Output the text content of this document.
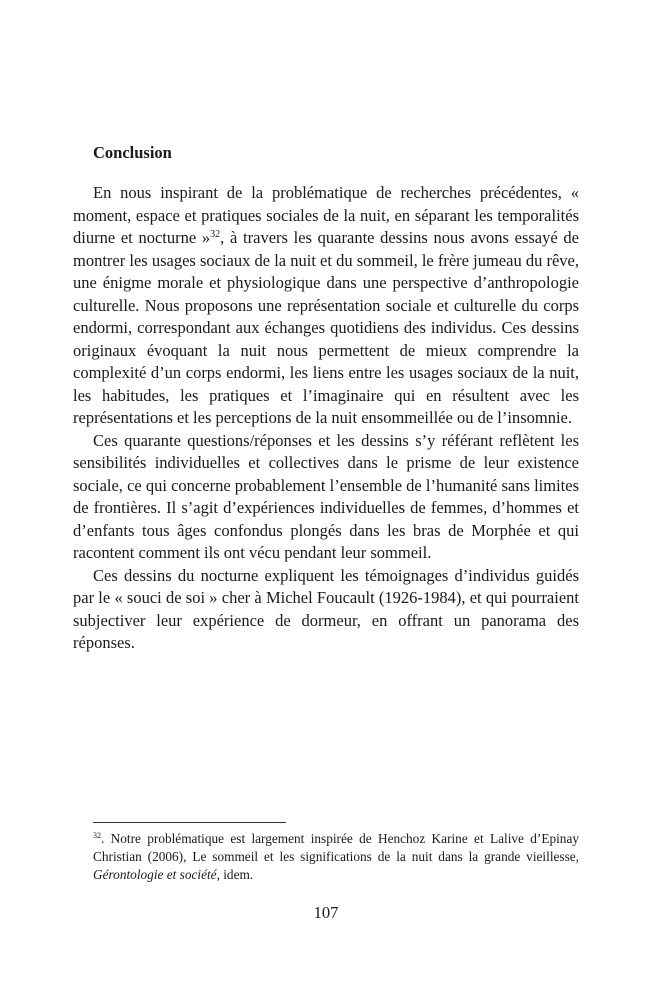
Conclusion

En nous inspirant de la problématique de recherches précédentes, « moment, espace et pratiques sociales de la nuit, en séparant les temporalités diurne et nocturne »$^{32}$, à travers les quarante dessins nous avons essayé de montrer les usages sociaux de la nuit et du sommeil, le frère jumeau du rêve, une énigme morale et physiologique dans une perspective d’anthropologie culturelle. Nous proposons une représentation sociale et culturelle du corps endormi, correspondant aux échanges quotidiens des individus. Ces dessins originaux évoquant la nuit nous permettent de mieux comprendre la complexité d’un corps endormi, les liens entre les usages sociaux de la nuit, les habitudes, les pratiques et l’imaginaire qui en résultent avec les représentations et les perceptions de la nuit ensommeillée ou de l’insomnie.

Ces quarante questions/réponses et les dessins s’y référant reflètent les sensibilités individuelles et collectives dans le prisme de leur existence sociale, ce qui concerne probablement l’ensemble de l’humanité sans limites de frontières. Il s’agit d’expériences individuelles de femmes, d’hommes et d’enfants tous âges confondus plongés dans les bras de Morphée et qui racontent comment ils ont vécu pendant leur sommeil.

Ces dessins du nocturne expliquent les témoignages d’individus guidés par le « souci de soi » cher à Michel Foucault (1926-1984), et qui pourraient subjectiver leur expérience de dormeur, en offrant un panorama des réponses.

$^{32}$. Notre problématique est largement inspirée de Henchoz Karine et Lalive d’Epinay Christian (2006), Le sommeil et les significations de la nuit dans la grande vieillesse, Gérontologie et société, idem.

107
